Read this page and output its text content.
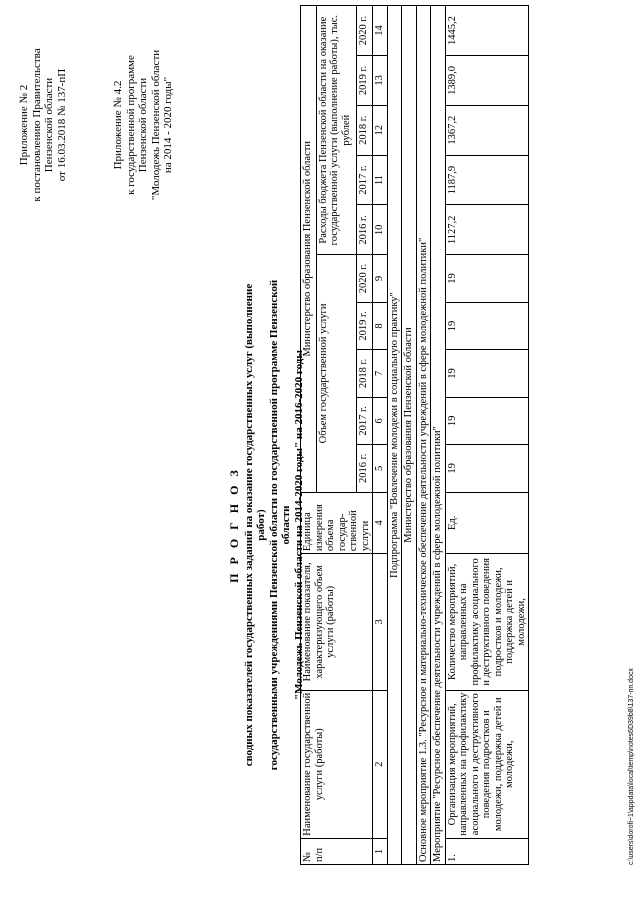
Приложение № 2 к постановлению Правительства Пензенской области от 16.03.2018 № 137-пП	Приложение № 4.2 к государственной программе Пензенской области "Молодежь Пензенской области на 2014 - 2020 годы"
П Р О Г Н О З сводных показателей государственных заданий на оказание государственных услуг (выполнение работ) государственными учреждениями Пензенской области по государственной программе Пензенской области "Молодежь Пензенской области на 2014-2020 годы" на 2016-2020 годы
№ п/п	Наименование государственной услуги (работы)	Наименование показателя, характеризующего объем услуги (работы)	Единица измерения объема государ-ственной услуги	Министерство образования Пензенской области									
				Объем государственной услуги					Расходы бюджета Пензенской области на оказание государственной услуги (выполнение работы), тыс. рублей				
				2016 г.	2017 г.	2018 г.	2019 г.	2020 г.	2016 г.	2017 г.	2018 г.	2019 г.	2020 г.
1	2	3	4	5	6	7	8	9	10	11	12	13	14
Подпрограмма "Вовлечение молодежи в социальную практику"													
Министерство образования Пензенской области													
Основное мероприятие 1.3. "Ресурсное и материально-техническое обеспечение деятельности учреждений в сфере молодежной политики"													
Мероприятие "Ресурсное обеспечение деятельности учреждений в сфере молодежной политики"													
1.	Организация мероприятий, направленных на профилактику асоциального и деструктивного поведения подростков и молодежи, поддержка детей и молодежи,	Количество мероприятий, направленных на профилактику асоциального и деструктивного поведения подростков и молодежи, поддержка детей и молодежи,	Ед.	19	19	19	19	19	1127,2	1187,9	1367,2	1389,0	1445,2
c:\users\dorofi~1\appdata\local\temp\notes6D39b8\137-пп.docx
